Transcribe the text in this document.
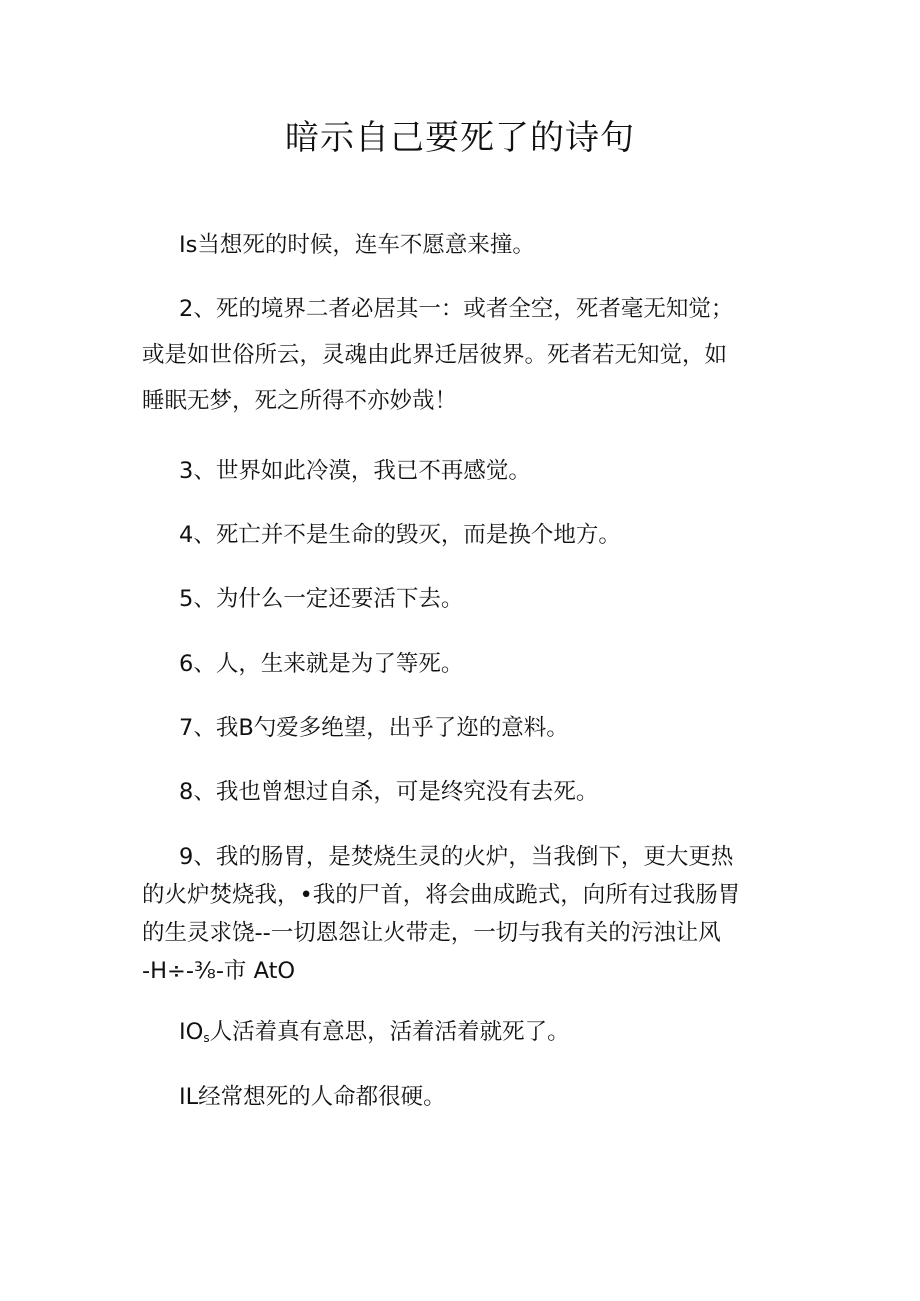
暗示自己要死了的诗句

Is当想死的时候，连车不愿意来撞。

2、死的境界二者必居其一：或者全空，死者毫无知觉；
或是如世俗所云，灵魂由此界迁居彼界。死者若无知觉，如
睡眠无梦，死之所得不亦妙哉！

3、世界如此冷漠，我已不再感觉。

4、死亡并不是生命的毁灭，而是换个地方。

5、为什么一定还要活下去。

6、人，生来就是为了等死。

7、我B勺爱多绝望，出乎了迩的意料。

8、我也曾想过自杀，可是终究没有去死。

9、我的肠胃，是焚烧生灵的火炉，当我倒下，更大更热
的火炉焚烧我，•我的尸首，将会曲成跪式，向所有过我肠胃
的生灵求饶--一切恩怨让火带走，一切与我有关的污浊让风
-H÷-⅜-市 AtO

$IO_s$人活着真有意思，活着活着就死了。

IL经常想死的人命都很硬。
